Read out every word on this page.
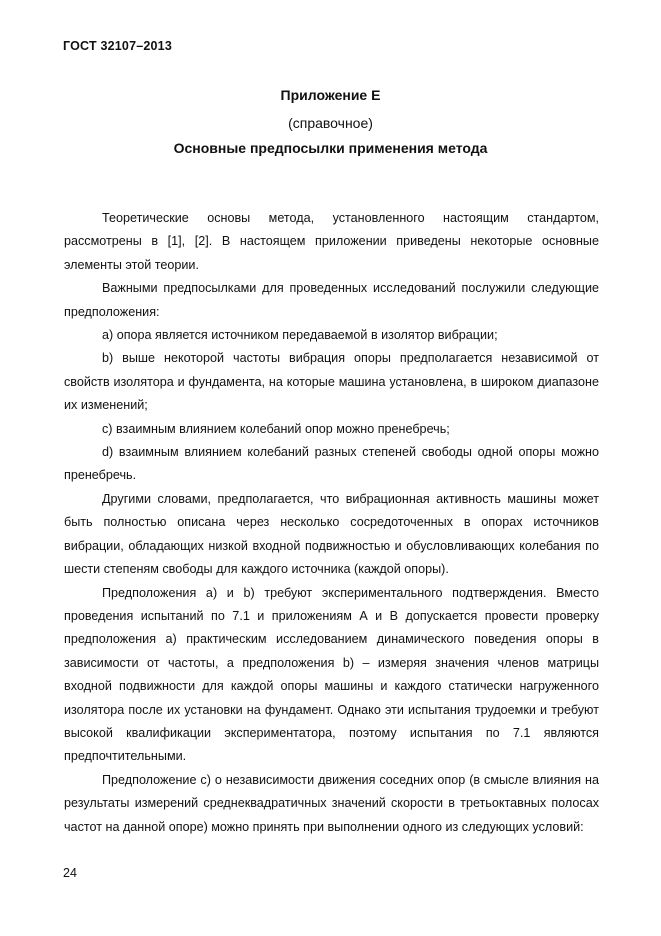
ГОСТ 32107–2013
Приложение Е
(справочное)
Основные предпосылки применения метода

Теоретические основы метода, установленного настоящим стандартом, рассмотрены в [1], [2]. В настоящем приложении приведены некоторые основные элементы этой теории.

Важными предпосылками для проведенных исследований послужили следующие предположения:

a) опора является источником передаваемой в изолятор вибрации;

b) выше некоторой частоты вибрация опоры предполагается независимой от свойств изолятора и фундамента, на которые машина установлена, в широком диапазоне их изменений;

c) взаимным влиянием колебаний опор можно пренебречь;

d) взаимным влиянием колебаний разных степеней свободы одной опоры можно пренебречь.

Другими словами, предполагается, что вибрационная активность машины может быть полностью описана через несколько сосредоточенных в опорах источников вибрации, обладающих низкой входной подвижностью и обусловливающих колебания по шести степеням свободы для каждого источника (каждой опоры).

Предположения а) и b) требуют экспериментального подтверждения. Вместо проведения испытаний по 7.1 и приложениям А и В допускается провести проверку предположения а) практическим исследованием динамического поведения опоры в зависимости от частоты, а предположения b) – измеряя значения членов матрицы входной подвижности для каждой опоры машины и каждого статически нагруженного изолятора после их установки на фундамент. Однако эти испытания трудоемки и требуют высокой квалификации экспериментатора, поэтому испытания по 7.1 являются предпочтительными.

Предположение с) о независимости движения соседних опор (в смысле влияния на результаты измерений среднеквадратичных значений скорости в третьоктавных полосах частот на данной опоре) можно принять при выполнении одного из следующих условий:

24
